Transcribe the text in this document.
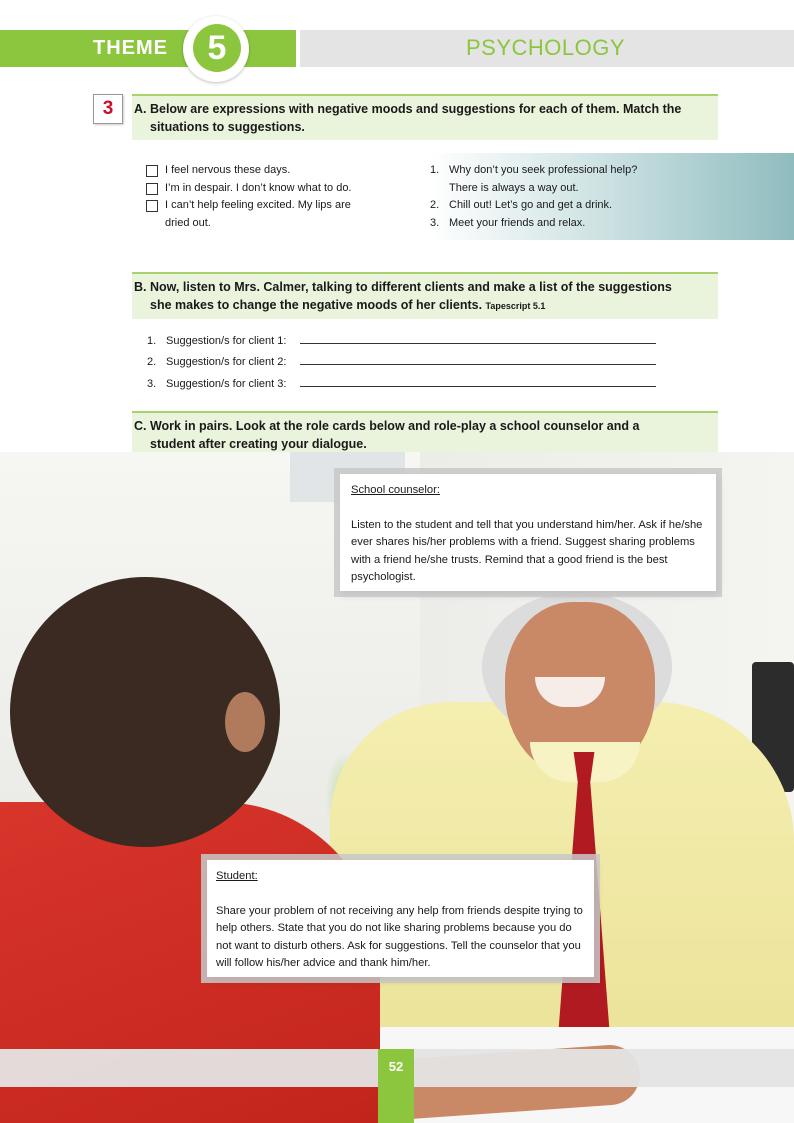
THEME	5	PSYCHOLOGY
3	A. Below are expressions with negative moods and suggestions for each of them. Match the
situations to suggestions.
I feel nervous these days.
I’m in despair. I don’t know what to do.
I can’t help feeling excited. My lips are
dried out.
1. Why don’t you seek professional help?
There is always a way out.
2. Chill out! Let’s go and get a drink.
3. Meet your friends and relax.
B. Now, listen to Mrs. Calmer, talking to different clients and make a list of the suggestions
she makes to change the negative moods of her clients. Tapescript 5.1
1. Suggestion/s for client 1:
2. Suggestion/s for client 2:
3. Suggestion/s for client 3:
C. Work in pairs. Look at the role cards below and role-play a school counselor and a
student after creating your dialogue.
School counselor:
Listen to the student and tell that you understand him/her. Ask if he/she ever shares his/her problems with a friend. Suggest sharing problems with a friend he/she trusts. Remind that a good friend is the best psychologist.
Student:
Share your problem of not receiving any help from friends despite trying to help others. State that you do not like sharing problems because you do not want to disturb others. Ask for suggestions. Tell the counselor that you will follow his/her advice and thank him/her.
52
